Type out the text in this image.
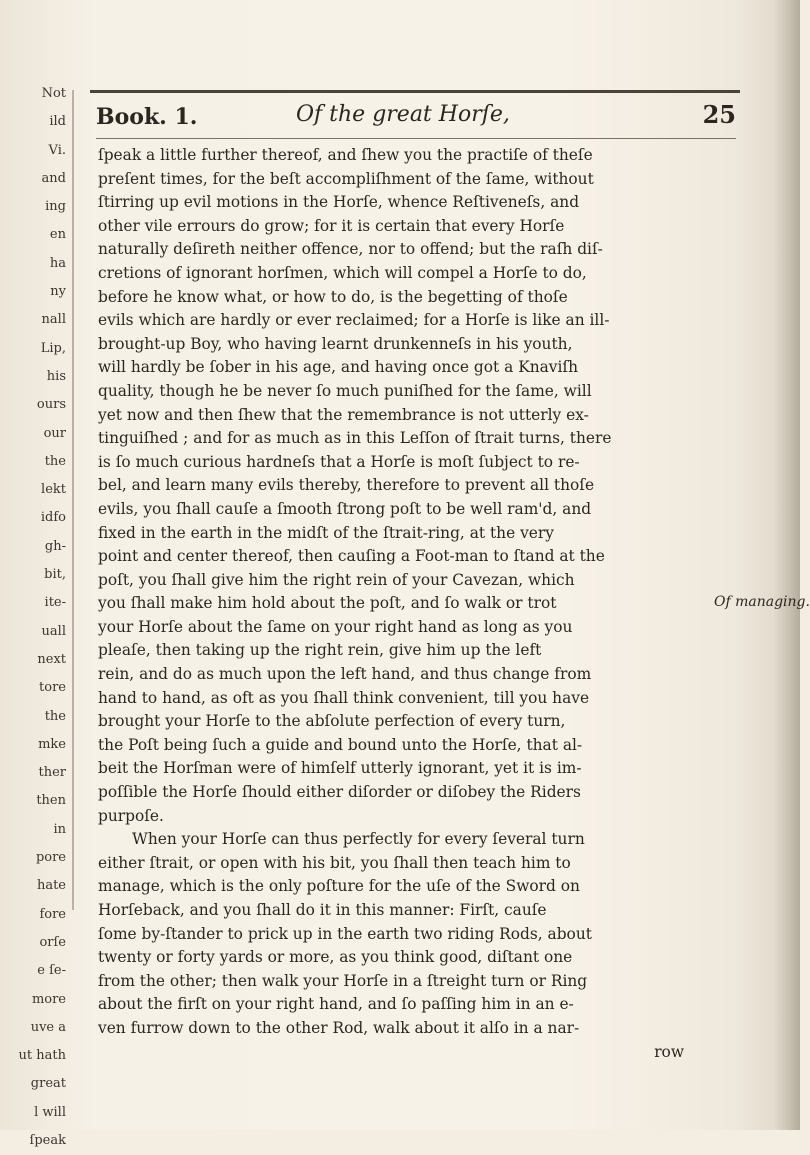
Not
ild
Vi.
and
ing
en
ha
ny
nall
Lip,
his
ours
our
the
lekt
idfo
gh-
bit,
ite-
uall
next
tore
the
mke
ther
then
in
pore
hate
fore
orſe
e ſe-
more
uve a
ut hath
great
l will
ſpeak
Book. 1.	Of the great Horſe,	25
ſpeak a little further thereof, and ſhew you the practiſe of theſe
preſent times, for the beſt accompliſhment of the ſame, without
ſtirring up evil motions in the Horſe, whence Reſtiveneſs, and
other vile errours do grow; for it is certain that every Horſe
naturally deſireth neither offence, nor to offend; but the raſh diſ-
cretions of ignorant horſmen, which will compel a Horſe to do,
before he know what, or how to do, is the begetting of thoſe
evils which are hardly or ever reclaimed; for a Horſe is like an ill-
brought-up Boy, who having learnt drunkenneſs in his youth,
will hardly be ſober in his age, and having once got a Knaviſh
quality, though he be never ſo much puniſhed for the ſame, will
yet now and then ſhew that the remembrance is not utterly ex-
tinguiſhed ; and for as much as in this Leſſon of ſtrait turns, there
is ſo much curious hardneſs that a Horſe is moſt ſubject to re-
bel, and learn many evils thereby, therefore to prevent all thoſe
evils, you ſhall cauſe a ſmooth ſtrong poſt to be well ram'd, and
fixed in the earth in the midſt of the ſtrait-ring, at the very
point and center thereof, then cauſing a Foot-man to ſtand at the
poſt, you ſhall give him the right rein of your Cavezan, which
you ſhall make him hold about the poſt, and ſo walk or trot
your Horſe about the ſame on your right hand as long as you
pleaſe, then taking up the right rein, give him up the left
rein, and do as much upon the left hand, and thus change from
hand to hand, as oft as you ſhall think convenient, till you have
brought your Horſe to the abſolute perfection of every turn,
the Poſt being ſuch a guide and bound unto the Horſe, that al-
beit the Horſman were of himſelf utterly ignorant, yet it is im-
poſſible the Horſe ſhould either diſorder or diſobey the Riders
purpoſe.
When your Horſe can thus perfectly for every ſeveral turn
either ſtrait, or open with his bit, you ſhall then teach him to
manage, which is the only poſture for the uſe of the Sword on
Horſeback, and you ſhall do it in this manner: Firſt, cauſe
ſome by-ſtander to prick up in the earth two riding Rods, about
twenty or forty yards or more, as you think good, diſtant one
from the other; then walk your Horſe in a ſtreight turn or Ring
about the firſt on your right hand, and ſo paſſing him in an e-
ven furrow down to the other Rod, walk about it alſo in a nar-
row
Of managing.
